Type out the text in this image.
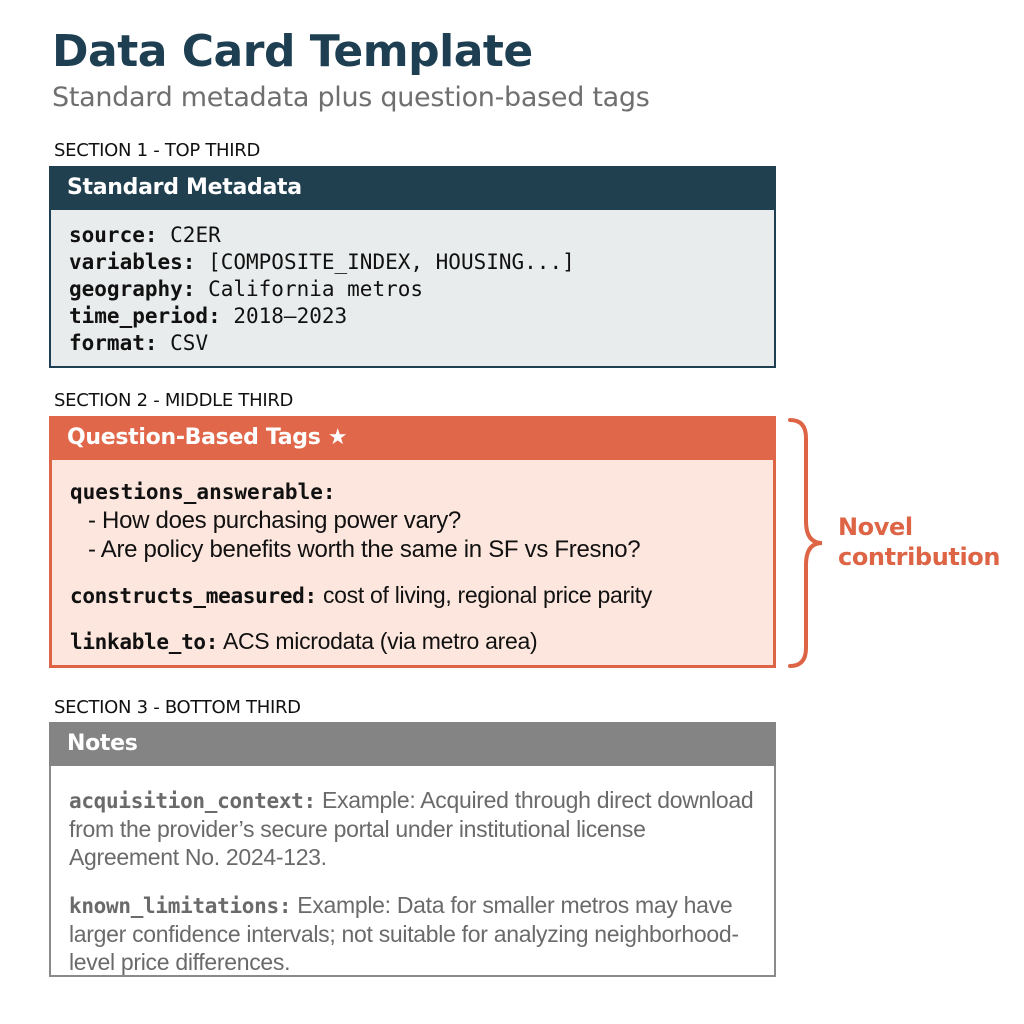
Data Card Template
Standard metadata plus question-based tags
SECTION 1 - TOP THIRD
Standard Metadata
source: C2ER
variables: [COMPOSITE_INDEX, HOUSING...]
geography: California metros
time_period: 2018–2023
format: CSV
SECTION 2 - MIDDLE THIRD
Question-Based Tags ★
questions_answerable:
- How does purchasing power vary?
- Are policy benefits worth the same in SF vs Fresno?
constructs_measured: cost of living, regional price parity
linkable_to: ACS microdata (via metro area)
Novel
contribution
SECTION 3 - BOTTOM THIRD
Notes

acquisition_context: Example: Acquired through direct download from the provider’s secure portal under institutional license Agreement No. 2024-123.

known_limitations: Example: Data for smaller metros may have larger confidence intervals; not suitable for analyzing neighborhood-level price differences.
